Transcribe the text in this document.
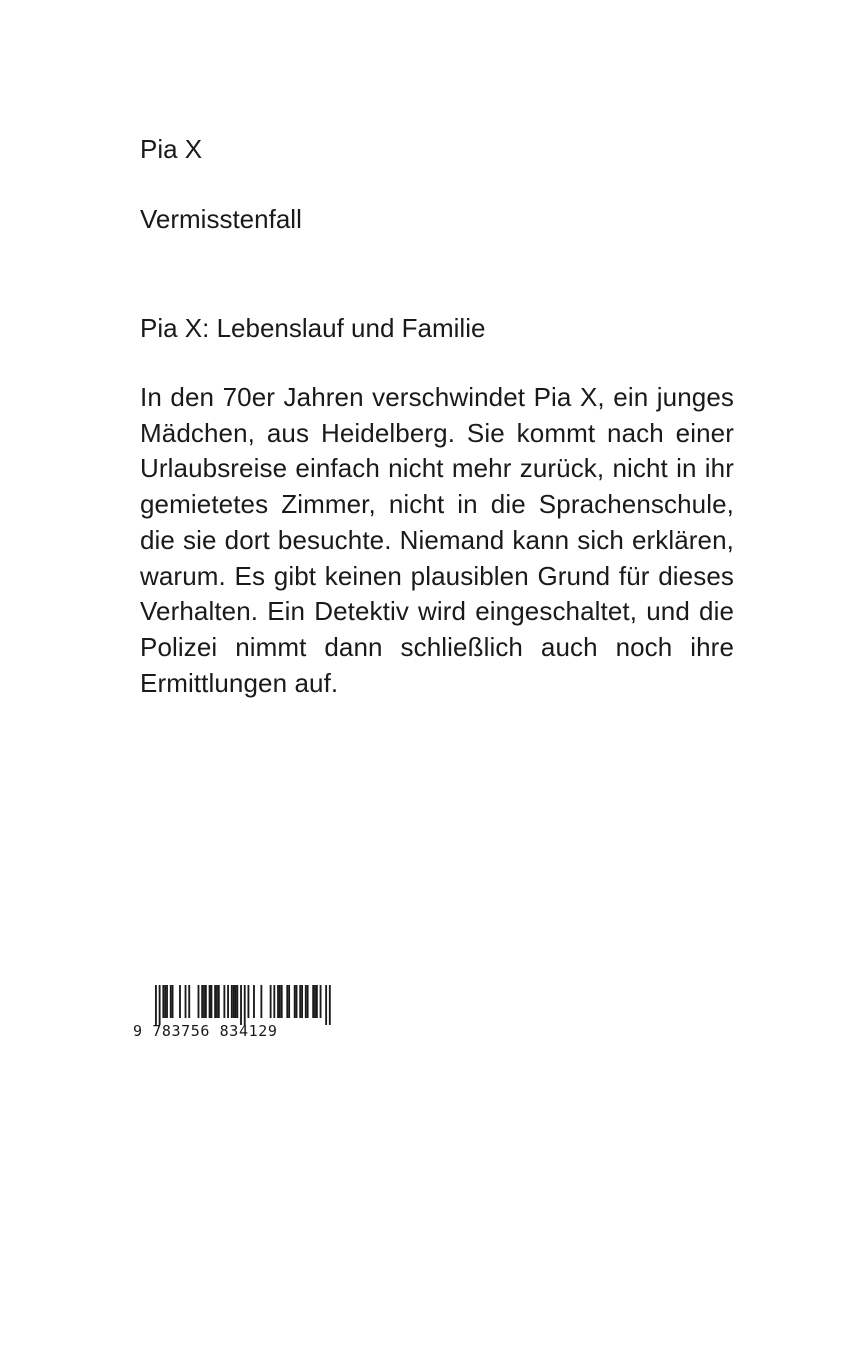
Pia X

Vermisstenfall

Pia X: Lebenslauf und Familie

In den 70er Jahren verschwindet Pia X, ein junges Mädchen, aus Heidelberg. Sie kommt nach einer Urlaubsreise einfach nicht mehr zurück, nicht in ihr gemietetes Zimmer, nicht in die Sprachenschule, die sie dort besuchte. Niemand kann sich erklären, warum. Es gibt keinen plausiblen Grund für dieses Verhalten. Ein Detektiv wird eingeschaltet, und die Polizei nimmt dann schließlich auch noch ihre Ermittlungen auf.

9 783756 834129
